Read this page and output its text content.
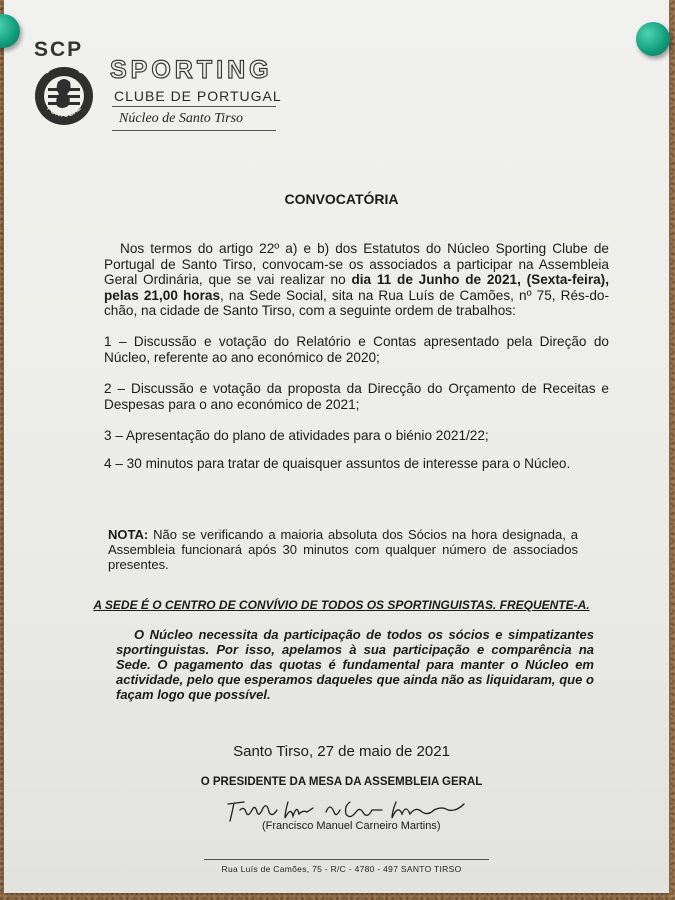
SPORTING
PORTUGAL
SCP
SPORTING
CLUBE DE PORTUGAL
Núcleo de Santo Tirso
CONVOCATÓRIA
Nos termos do artigo 22º a) e b) dos Estatutos do Núcleo Sporting Clube de Portugal de Santo Tirso, convocam-se os associados a participar na Assembleia Geral Ordinária, que se vai realizar no dia 11 de Junho de 2021, (Sexta-feira), pelas 21,00 horas, na Sede Social, sita na Rua Luís de Camões, nº 75, Rés-do-chão, na cidade de Santo Tirso, com a seguinte ordem de trabalhos:
1 – Discussão e votação do Relatório e Contas apresentado pela Direção do Núcleo, referente ao ano económico de 2020;
2 – Discussão e votação da proposta da Direcção do Orçamento de Receitas e Despesas para o ano económico de 2021;
3 – Apresentação do plano de atividades para o biénio 2021/22;
4 – 30 minutos para tratar de quaisquer assuntos de interesse para o Núcleo.
NOTA: Não se verificando a maioria absoluta dos Sócios na hora designada, a Assembleia funcionará após 30 minutos com qualquer número de associados presentes.
A SEDE É O CENTRO DE CONVÍVIO DE TODOS OS SPORTINGUISTAS. FREQUENTE-A.
O Núcleo necessita da participação de todos os sócios e simpatizantes sportinguistas. Por isso, apelamos à sua participação e comparência na Sede. O pagamento das quotas é fundamental para manter o Núcleo em actividade, pelo que esperamos daqueles que ainda não as liquidaram, que o façam logo que possível.
Santo Tirso, 27 de maio de 2021
O PRESIDENTE DA MESA DA ASSEMBLEIA GERAL
(Francisco Manuel Carneiro Martins)
Rua Luís de Camões, 75 - R/C - 4780 - 497 SANTO TIRSO
